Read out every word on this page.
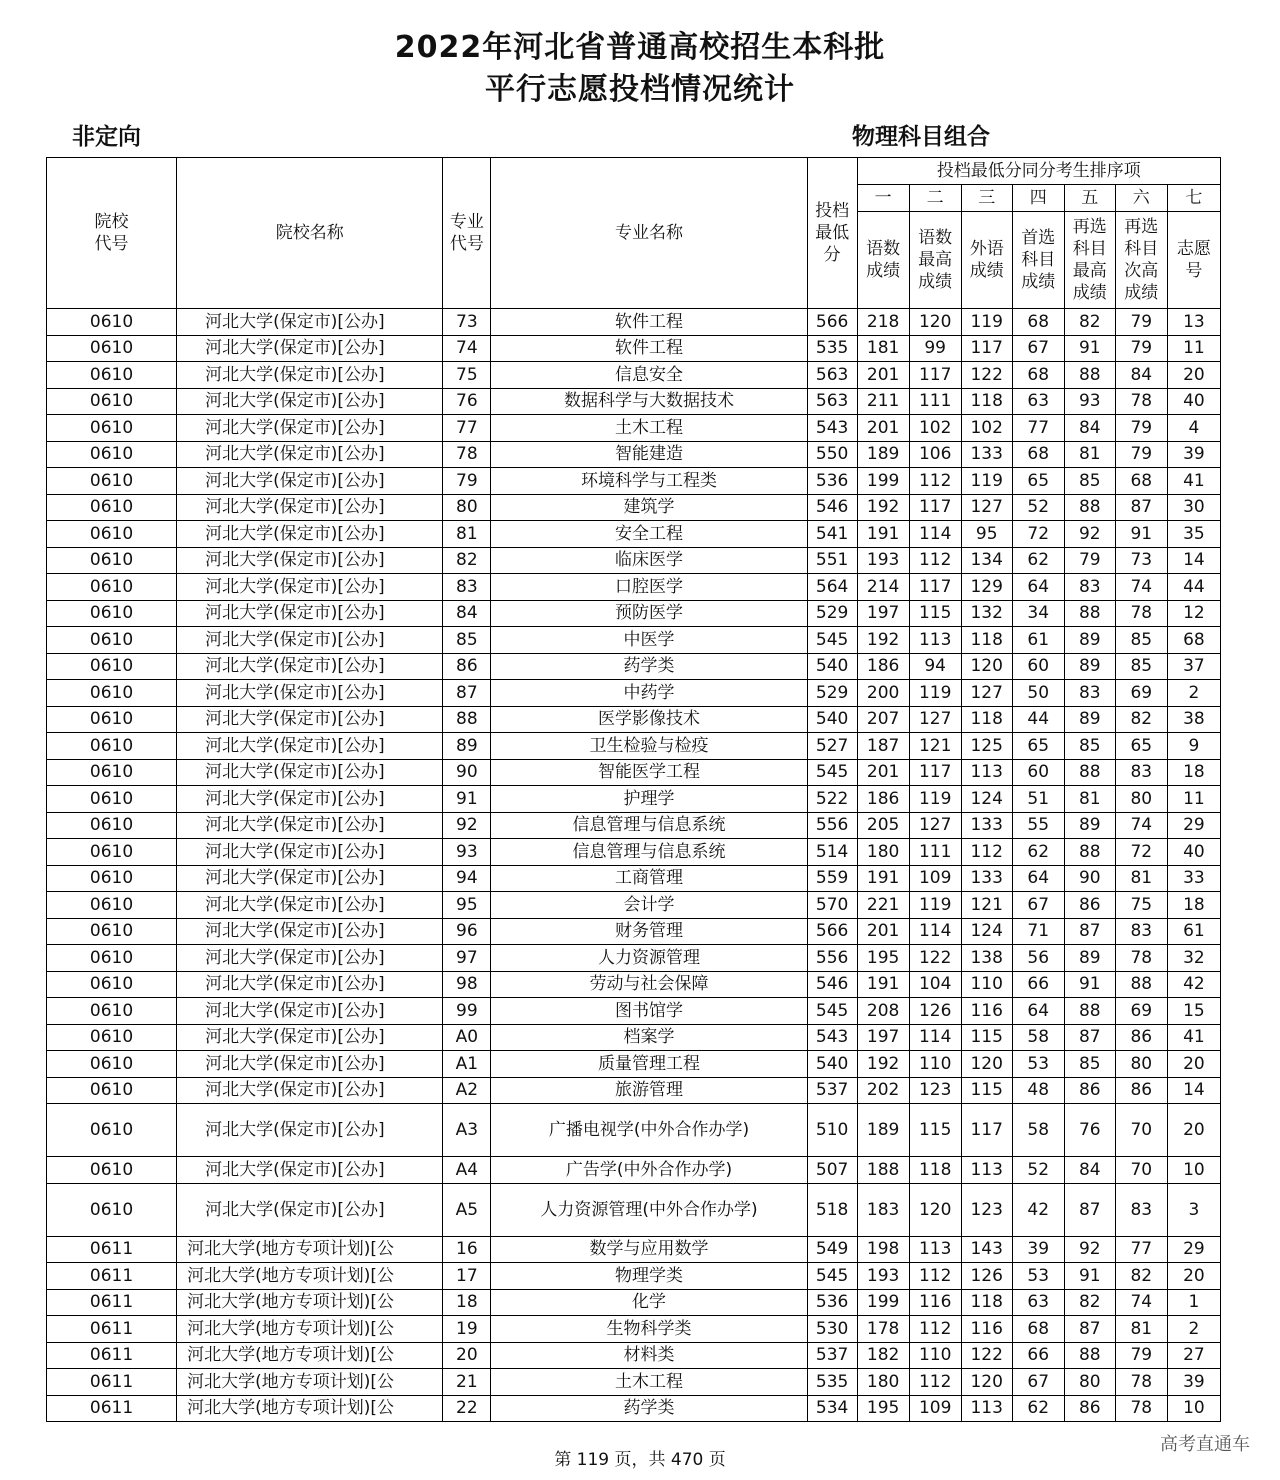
2022年河北省普通高校招生本科批
平行志愿投档情况统计
非定向	物理科目组合
院校代号	院校名称	专业代号	专业名称	投档最低分	投档最低分同分考生排序项						
					一	二	三	四	五	六	七
					语数成绩	语数最高成绩	外语成绩	首选科目成绩	再选科目最高成绩	再选科目次高成绩	志愿号
0610	河北大学(保定市)[公办]	73	软件工程	566	218	120	119	68	82	79	13
0610	河北大学(保定市)[公办]	74	软件工程	535	181	99	117	67	91	79	11
0610	河北大学(保定市)[公办]	75	信息安全	563	201	117	122	68	88	84	20
0610	河北大学(保定市)[公办]	76	数据科学与大数据技术	563	211	111	118	63	93	78	40
0610	河北大学(保定市)[公办]	77	土木工程	543	201	102	102	77	84	79	4
0610	河北大学(保定市)[公办]	78	智能建造	550	189	106	133	68	81	79	39
0610	河北大学(保定市)[公办]	79	环境科学与工程类	536	199	112	119	65	85	68	41
0610	河北大学(保定市)[公办]	80	建筑学	546	192	117	127	52	88	87	30
0610	河北大学(保定市)[公办]	81	安全工程	541	191	114	95	72	92	91	35
0610	河北大学(保定市)[公办]	82	临床医学	551	193	112	134	62	79	73	14
0610	河北大学(保定市)[公办]	83	口腔医学	564	214	117	129	64	83	74	44
0610	河北大学(保定市)[公办]	84	预防医学	529	197	115	132	34	88	78	12
0610	河北大学(保定市)[公办]	85	中医学	545	192	113	118	61	89	85	68
0610	河北大学(保定市)[公办]	86	药学类	540	186	94	120	60	89	85	37
0610	河北大学(保定市)[公办]	87	中药学	529	200	119	127	50	83	69	2
0610	河北大学(保定市)[公办]	88	医学影像技术	540	207	127	118	44	89	82	38
0610	河北大学(保定市)[公办]	89	卫生检验与检疫	527	187	121	125	65	85	65	9
0610	河北大学(保定市)[公办]	90	智能医学工程	545	201	117	113	60	88	83	18
0610	河北大学(保定市)[公办]	91	护理学	522	186	119	124	51	81	80	11
0610	河北大学(保定市)[公办]	92	信息管理与信息系统	556	205	127	133	55	89	74	29
0610	河北大学(保定市)[公办]	93	信息管理与信息系统	514	180	111	112	62	88	72	40
0610	河北大学(保定市)[公办]	94	工商管理	559	191	109	133	64	90	81	33
0610	河北大学(保定市)[公办]	95	会计学	570	221	119	121	67	86	75	18
0610	河北大学(保定市)[公办]	96	财务管理	566	201	114	124	71	87	83	61
0610	河北大学(保定市)[公办]	97	人力资源管理	556	195	122	138	56	89	78	32
0610	河北大学(保定市)[公办]	98	劳动与社会保障	546	191	104	110	66	91	88	42
0610	河北大学(保定市)[公办]	99	图书馆学	545	208	126	116	64	88	69	15
0610	河北大学(保定市)[公办]	A0	档案学	543	197	114	115	58	87	86	41
0610	河北大学(保定市)[公办]	A1	质量管理工程	540	192	110	120	53	85	80	20
0610	河北大学(保定市)[公办]	A2	旅游管理	537	202	123	115	48	86	86	14
0610	河北大学(保定市)[公办]	A3	广播电视学(中外合作办学)	510	189	115	117	58	76	70	20
0610	河北大学(保定市)[公办]	A4	广告学(中外合作办学)	507	188	118	113	52	84	70	10
0610	河北大学(保定市)[公办]	A5	人力资源管理(中外合作办学)	518	183	120	123	42	87	83	3
0611	河北大学(地方专项计划)[公	16	数学与应用数学	549	198	113	143	39	92	77	29
0611	河北大学(地方专项计划)[公	17	物理学类	545	193	112	126	53	91	82	20
0611	河北大学(地方专项计划)[公	18	化学	536	199	116	118	63	82	74	1
0611	河北大学(地方专项计划)[公	19	生物科学类	530	178	112	116	68	87	81	2
0611	河北大学(地方专项计划)[公	20	材料类	537	182	110	122	66	88	79	27
0611	河北大学(地方专项计划)[公	21	土木工程	535	180	112	120	67	80	78	39
0611	河北大学(地方专项计划)[公	22	药学类	534	195	109	113	62	86	78	10
第 119 页，共 470 页
高考直通车
